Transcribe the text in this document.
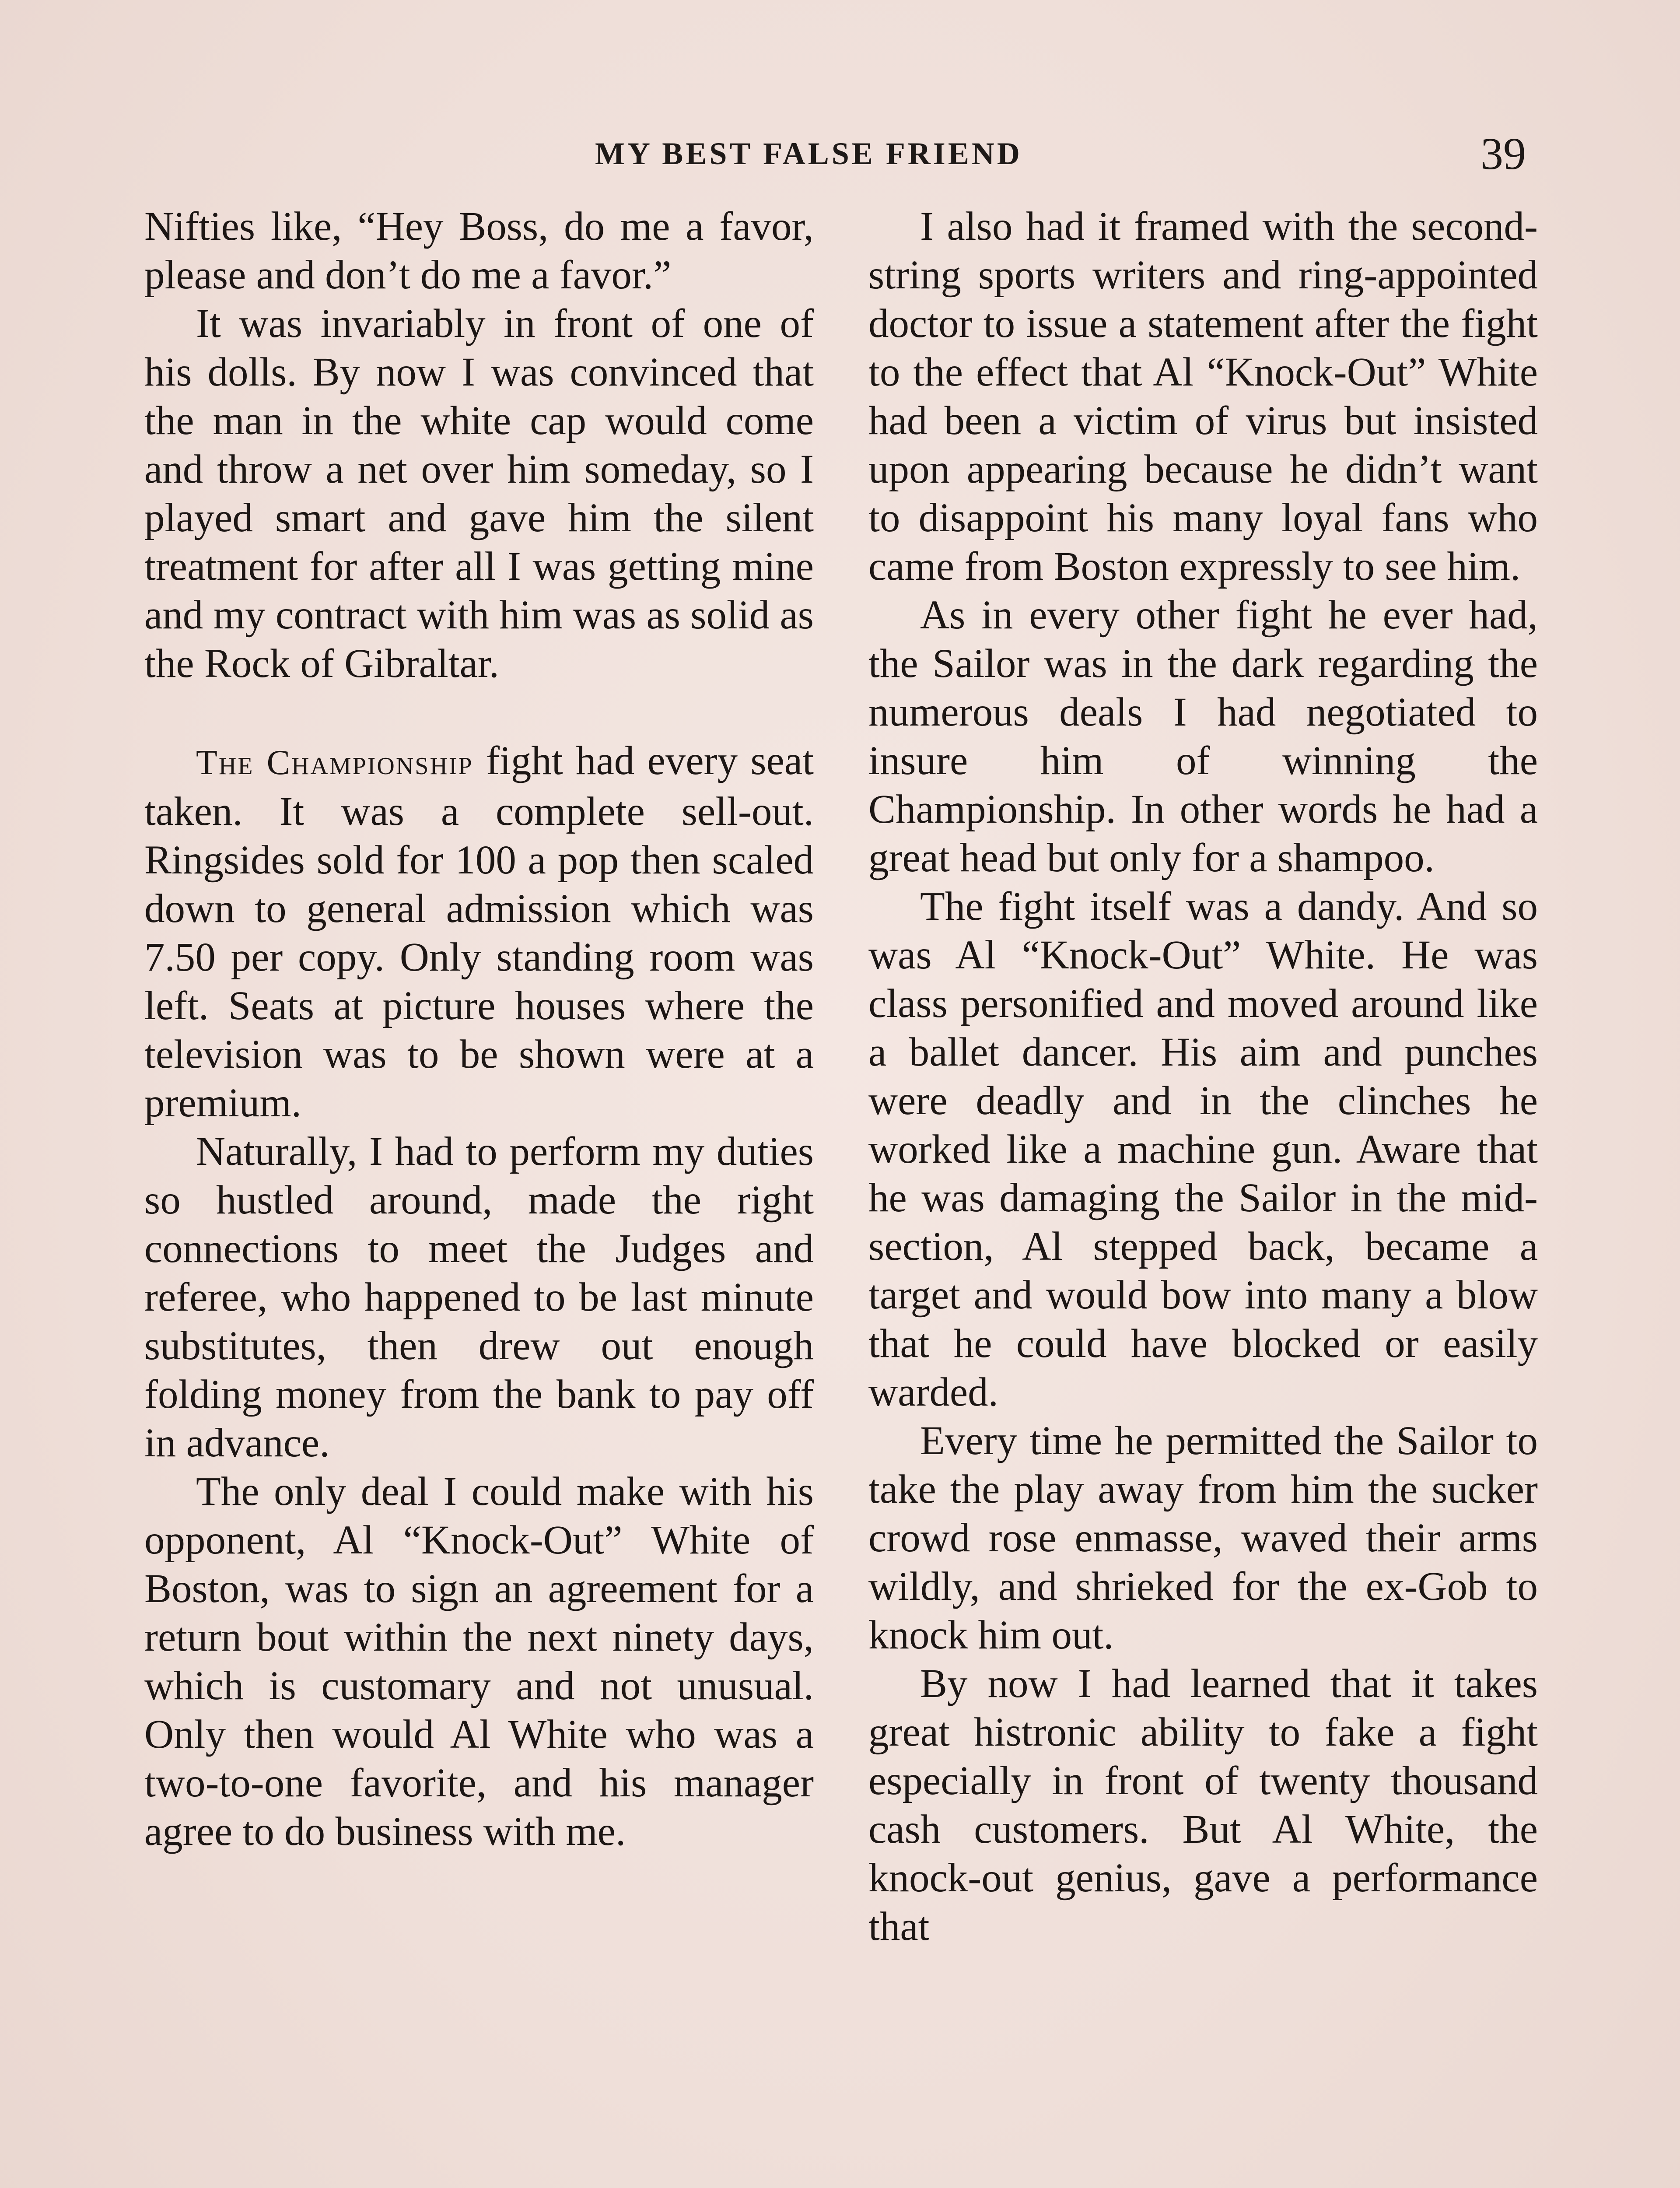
MY BEST FALSE FRIEND	39

Nifties like, “Hey Boss, do me a favor, please and don’t do me a favor.”

It was invariably in front of one of his dolls. By now I was convinced that the man in the white cap would come and throw a net over him someday, so I played smart and gave him the silent treatment for after all I was getting mine and my contract with him was as solid as the Rock of Gibraltar.

The Championship fight had every seat taken. It was a complete sell-out. Ringsides sold for 100 a pop then scaled down to general admission which was 7.50 per copy. Only standing room was left. Seats at picture houses where the television was to be shown were at a premium.

Naturally, I had to perform my duties so hustled around, made the right connections to meet the Judges and referee, who happened to be last minute substitutes, then drew out enough folding money from the bank to pay off in advance.

The only deal I could make with his opponent, Al “Knock-Out” White of Boston, was to sign an agreement for a return bout within the next ninety days, which is customary and not unusual. Only then would Al White who was a two-to-one favorite, and his manager agree to do business with me.

I also had it framed with the second-string sports writers and ring-appointed doctor to issue a statement after the fight to the effect that Al “Knock-Out” White had been a victim of virus but insisted upon appearing because he didn’t want to disappoint his many loyal fans who came from Boston expressly to see him.

As in every other fight he ever had, the Sailor was in the dark regarding the numerous deals I had negotiated to insure him of winning the Championship. In other words he had a great head but only for a shampoo.

The fight itself was a dandy. And so was Al “Knock-Out” White. He was class personified and moved around like a ballet dancer. His aim and punches were deadly and in the clinches he worked like a machine gun. Aware that he was damaging the Sailor in the mid-section, Al stepped back, became a target and would bow into many a blow that he could have blocked or easily warded.

Every time he permitted the Sailor to take the play away from him the sucker crowd rose enmasse, waved their arms wildly, and shrieked for the ex-Gob to knock him out.

By now I had learned that it takes great histronic ability to fake a fight especially in front of twenty thousand cash customers. But Al White, the knock-out genius, gave a performance that
